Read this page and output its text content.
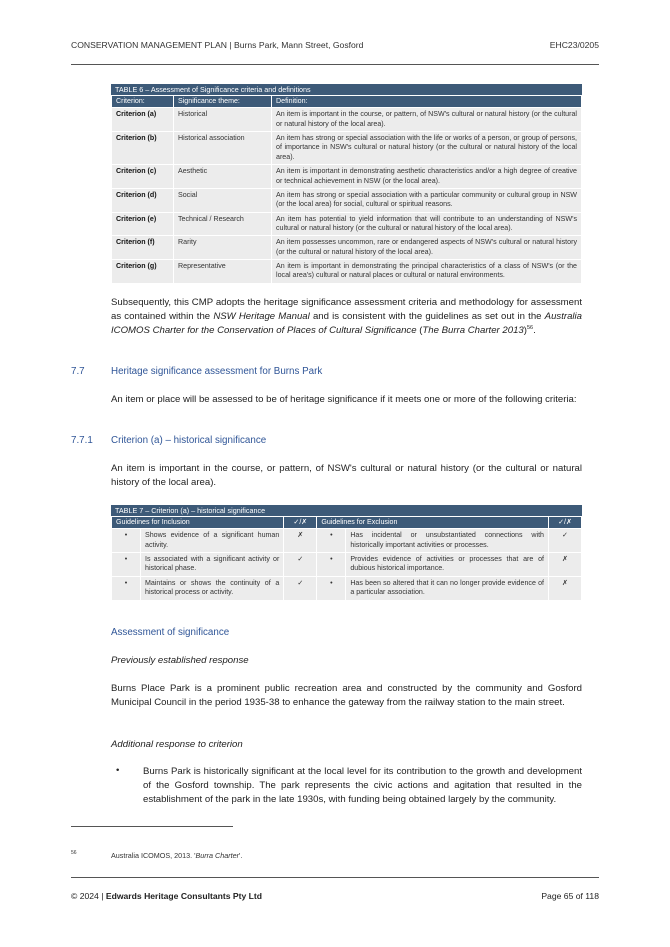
CONSERVATION MANAGEMENT PLAN | Burns Park, Mann Street, Gosford	EHC23/0205
TABLE 6 – Assessment of Significance criteria and definitions
Criterion:	Significance theme:	Definition:
Criterion (a)	Historical	An item is important in the course, or pattern, of NSW's cultural or natural history (or the cultural or natural history of the local area).
Criterion (b)	Historical association	An item has strong or special association with the life or works of a person, or group of persons, of importance in NSW's cultural or natural history (or the cultural or natural history of the local area).
Criterion (c)	Aesthetic	An item is important in demonstrating aesthetic characteristics and/or a high degree of creative or technical achievement in NSW (or the local area).
Criterion (d)	Social	An item has strong or special association with a particular community or cultural group in NSW (or the local area) for social, cultural or spiritual reasons.
Criterion (e)	Technical / Research	An item has potential to yield information that will contribute to an understanding of NSW's cultural or natural history (or the cultural or natural history of the local area).
Criterion (f)	Rarity	An item possesses uncommon, rare or endangered aspects of NSW's cultural or natural history (or the cultural or natural history of the local area).
Criterion (g)	Representative	An item is important in demonstrating the principal characteristics of a class of NSW's (or the local area's) cultural or natural places or cultural or natural environments.

Subsequently, this CMP adopts the heritage significance assessment criteria and methodology for assessment as contained within the NSW Heritage Manual and is consistent with the guidelines as set out in the Australia ICOMOS Charter for the Conservation of Places of Cultural Significance (The Burra Charter 2013)$^{56}$.

7.7	Heritage significance assessment for Burns Park

An item or place will be assessed to be of heritage significance if it meets one or more of the following criteria:

7.7.1 Criterion (a) – historical significance

An item is important in the course, or pattern, of NSW's cultural or natural history (or the cultural or natural history of the local area).

TABLE 7 – Criterion (a) – historical significance
Guidelines for Inclusion		✓/✗	Guidelines for Exclusion		✓/✗
•	Shows evidence of a significant human activity.	✗	•	Has incidental or unsubstantiated connections with historically important activities or processes.	✓
•	Is associated with a significant activity or historical phase.	✓	•	Provides evidence of activities or processes that are of dubious historical importance.	✗
•	Maintains or shows the continuity of a historical process or activity.	✓	•	Has been so altered that it can no longer provide evidence of a particular association.	✗
Assessment of significance
Previously established response

Burns Place Park is a prominent public recreation area and constructed by the community and Gosford Municipal Council in the period 1935-38 to enhance the gateway from the railway station to the main street.

Additional response to criterion
• Burns Park is historically significant at the local level for its contribution to the growth and development of the Gosford township. The park represents the civic actions and agitation that resulted in the establishment of the park in the late 1930s, with funding being obtained largely by the community.

56	Australia ICOMOS, 2013. 'Burra Charter'.
© 2024 | Edwards Heritage Consultants Pty Ltd	Page 65 of 118
